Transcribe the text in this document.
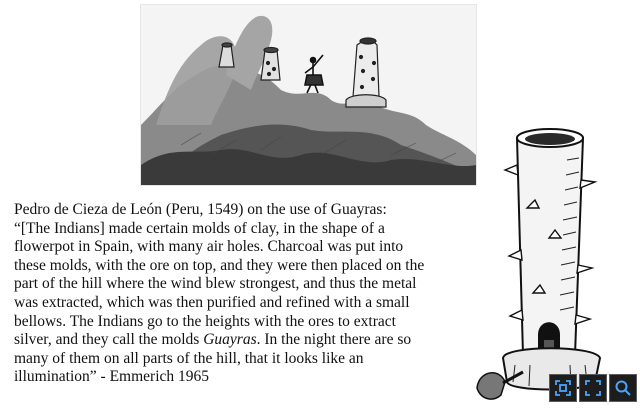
Pedro de Cieza de León (Peru, 1549) on the use of Guayras:
“[The Indians] made certain molds of clay, in the shape of a
flowerpot in Spain, with many air holes. Charcoal was put into
these molds, with the ore on top, and they were then placed on the
part of the hill where the wind blew strongest, and thus the metal
was extracted, which was then purified and refined with a small
bellows. The Indians go to the heights with the ores to extract
silver, and they call the molds Guayras. In the night there are so
many of them on all parts of the hill, that it looks like an
illumination” - Emmerich 1965
